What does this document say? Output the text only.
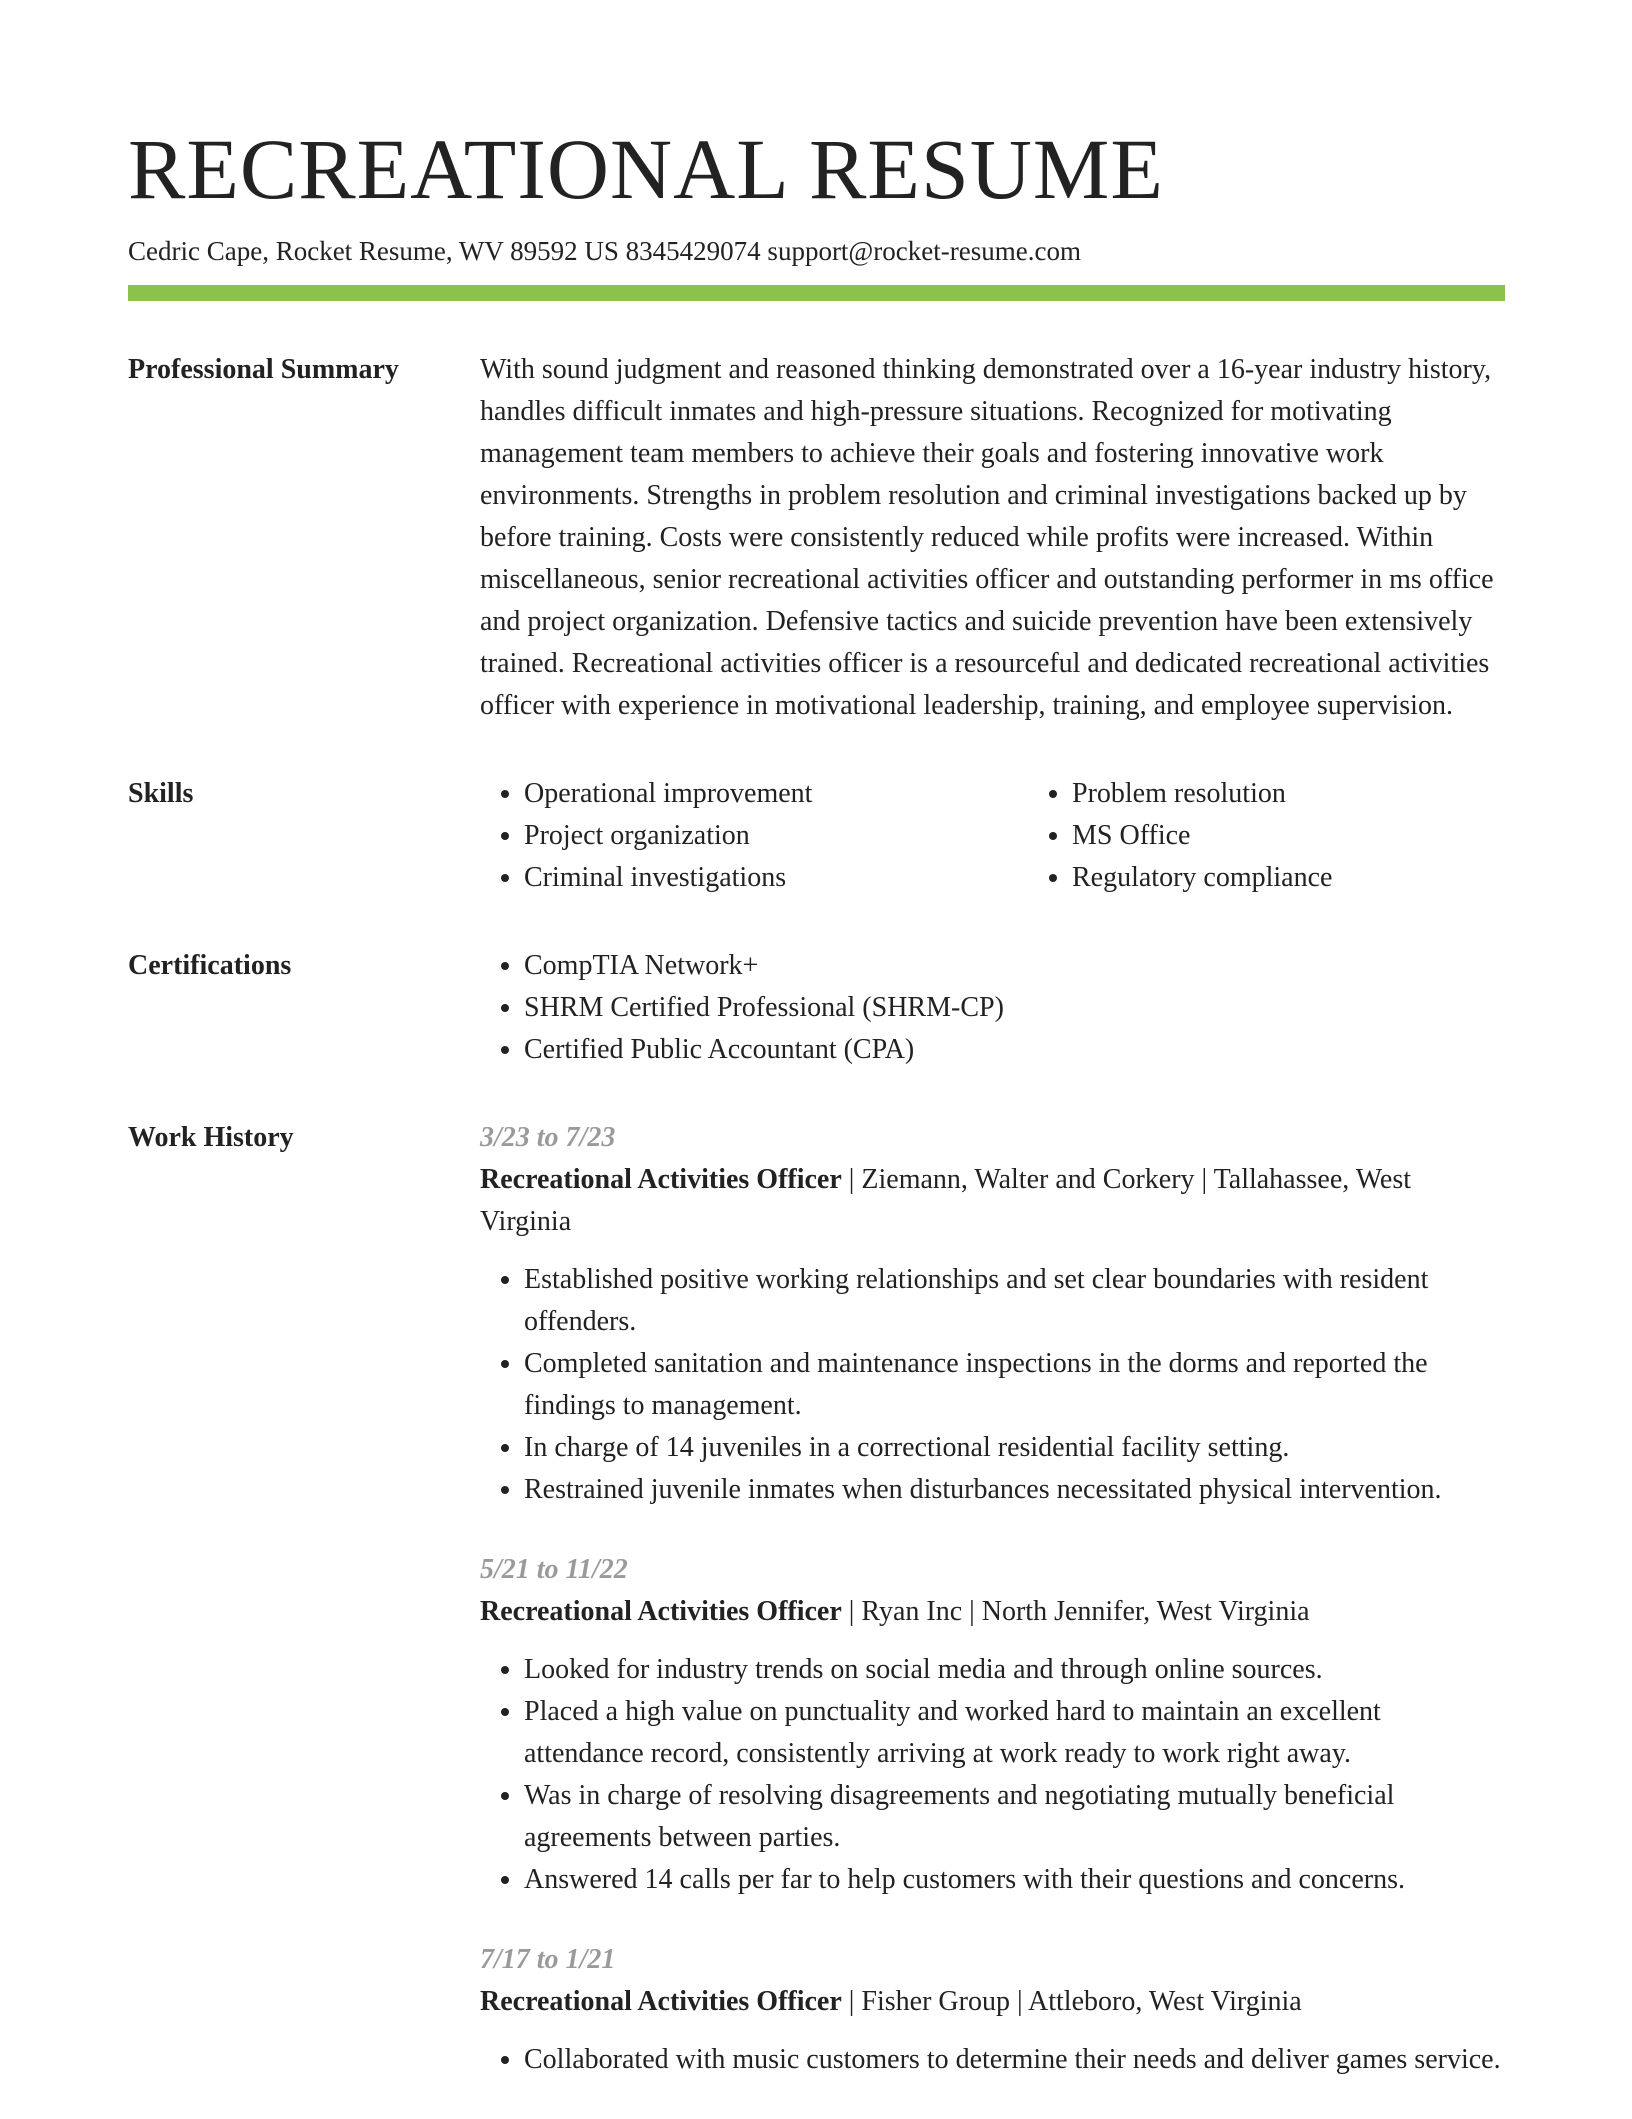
RECREATIONAL RESUME
Cedric Cape, Rocket Resume, WV 89592 US 8345429074 support@rocket-resume.com
Professional Summary	With sound judgment and reasoned thinking demonstrated over a 16-year industry history, handles difficult inmates and high-pressure situations. Recognized for motivating management team members to achieve their goals and fostering innovative work environments. Strengths in problem resolution and criminal investigations backed up by before training. Costs were consistently reduced while profits were increased. Within miscellaneous, senior recreational activities officer and outstanding performer in ms office and project organization. Defensive tactics and suicide prevention have been extensively trained. Recreational activities officer is a resourceful and dedicated recreational activities officer with experience in motivational leadership, training, and employee supervision.

Skills	• Operational improvement
• Project organization
• Criminal investigations
• Problem resolution
• MS Office
• Regulatory compliance
Certifications	• CompTIA Network+
• SHRM Certified Professional (SHRM-CP)
• Certified Public Accountant (CPA)
Work History	3/23 to 7/23
Recreational Activities Officer | Ziemann, Walter and Corkery | Tallahassee, West Virginia
• Established positive working relationships and set clear boundaries with resident offenders.
• Completed sanitation and maintenance inspections in the dorms and reported the findings to management.
• In charge of 14 juveniles in a correctional residential facility setting.
• Restrained juvenile inmates when disturbances necessitated physical intervention.
5/21 to 11/22
Recreational Activities Officer | Ryan Inc | North Jennifer, West Virginia
• Looked for industry trends on social media and through online sources.
• Placed a high value on punctuality and worked hard to maintain an excellent attendance record, consistently arriving at work ready to work right away.
• Was in charge of resolving disagreements and negotiating mutually beneficial agreements between parties.
• Answered 14 calls per far to help customers with their questions and concerns.
7/17 to 1/21
Recreational Activities Officer | Fisher Group | Attleboro, West Virginia
• Collaborated with music customers to determine their needs and deliver games service.
